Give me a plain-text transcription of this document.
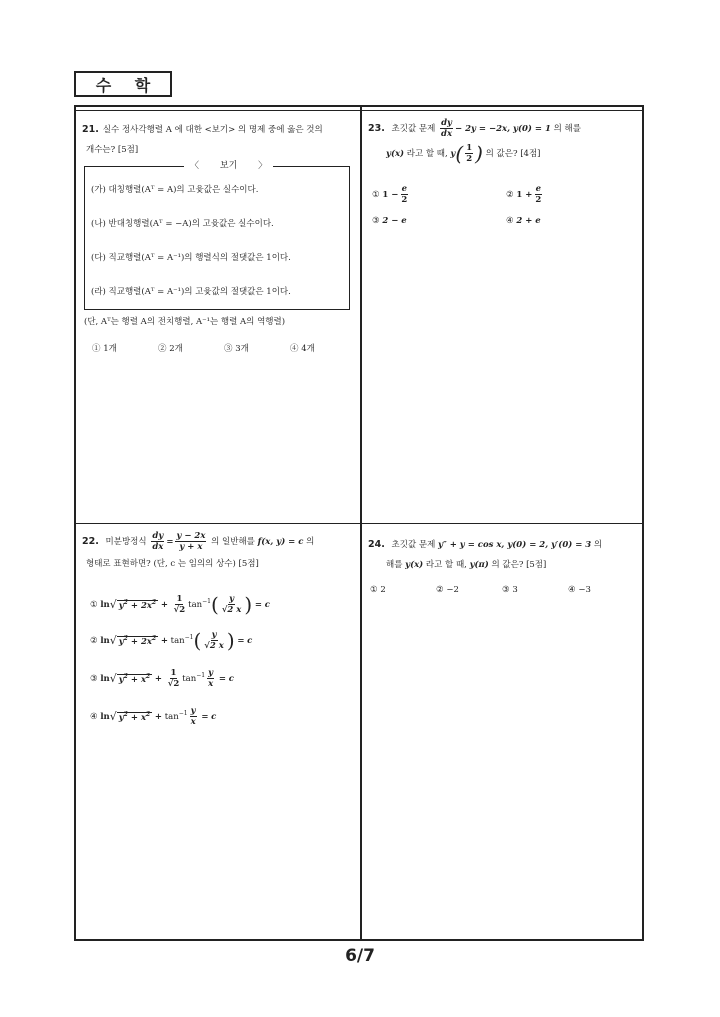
수 학
21. 실수 정사각행렬 A 에 대한 <보기> 의 명제 중에 옳은 것의
개수는? [5점]
〈 보기 〉
(가) 대칭행렬(Aᵀ = A)의 고윳값은 실수이다.
(나) 반대칭행렬(Aᵀ = −A)의 고윳값은 실수이다.
(다) 직교행렬(Aᵀ = A⁻¹)의 행렬식의 절댓값은 1이다.
(라) 직교행렬(Aᵀ = A⁻¹)의 고윳값의 절댓값은 1이다.
(단, Aᵀ는 행렬 A의 전치행렬, A⁻¹는 행렬 A의 역행렬)
① 1개	② 2개	③ 3개	④ 4개
23. 초깃값 문제 $\frac{dy}{dx} - 2y = -2x$, y(0) = 1 의 해를
y(x) 라고 할 때, $y( \frac{1}{2}$ ) 의 값은? [4점]
① $1 - \frac{e}{2}$	② $1 + \frac{e}{2}$
③ 2 − e	④ 2 + e
22. 미분방정식 $\frac{dy}{dx} = \frac{y - 2x}{y + x}$ 의 일반해를 f(x, y) = c 의
형태로 표현하면? (단, c 는 임의의 상수) [5점]
① ln√ $y^2 + 2x^2 + \frac{1}{√2} \tan^{-1}( \frac{y}{√2 x}$ ) = c
② ln√ $y^2 + 2x^2 + \tan^{-1}( \frac{y}{√2 x}$ ) = c
③ ln√ $y^2 + x^2 + \frac{1}{√2} \tan^{-1} \frac{y}{x} = c$
④ ln√ $y^2 + x^2 + \tan^{-1} \frac{y}{x} = c$
24. 초깃값 문제 y″ + y = cos x, y(0) = 2, y′(0) = 3 의
해를 y(x) 라고 할 때, y(π) 의 값은? [5점]
① 2	② −2	③ 3	④ −3
6/7
